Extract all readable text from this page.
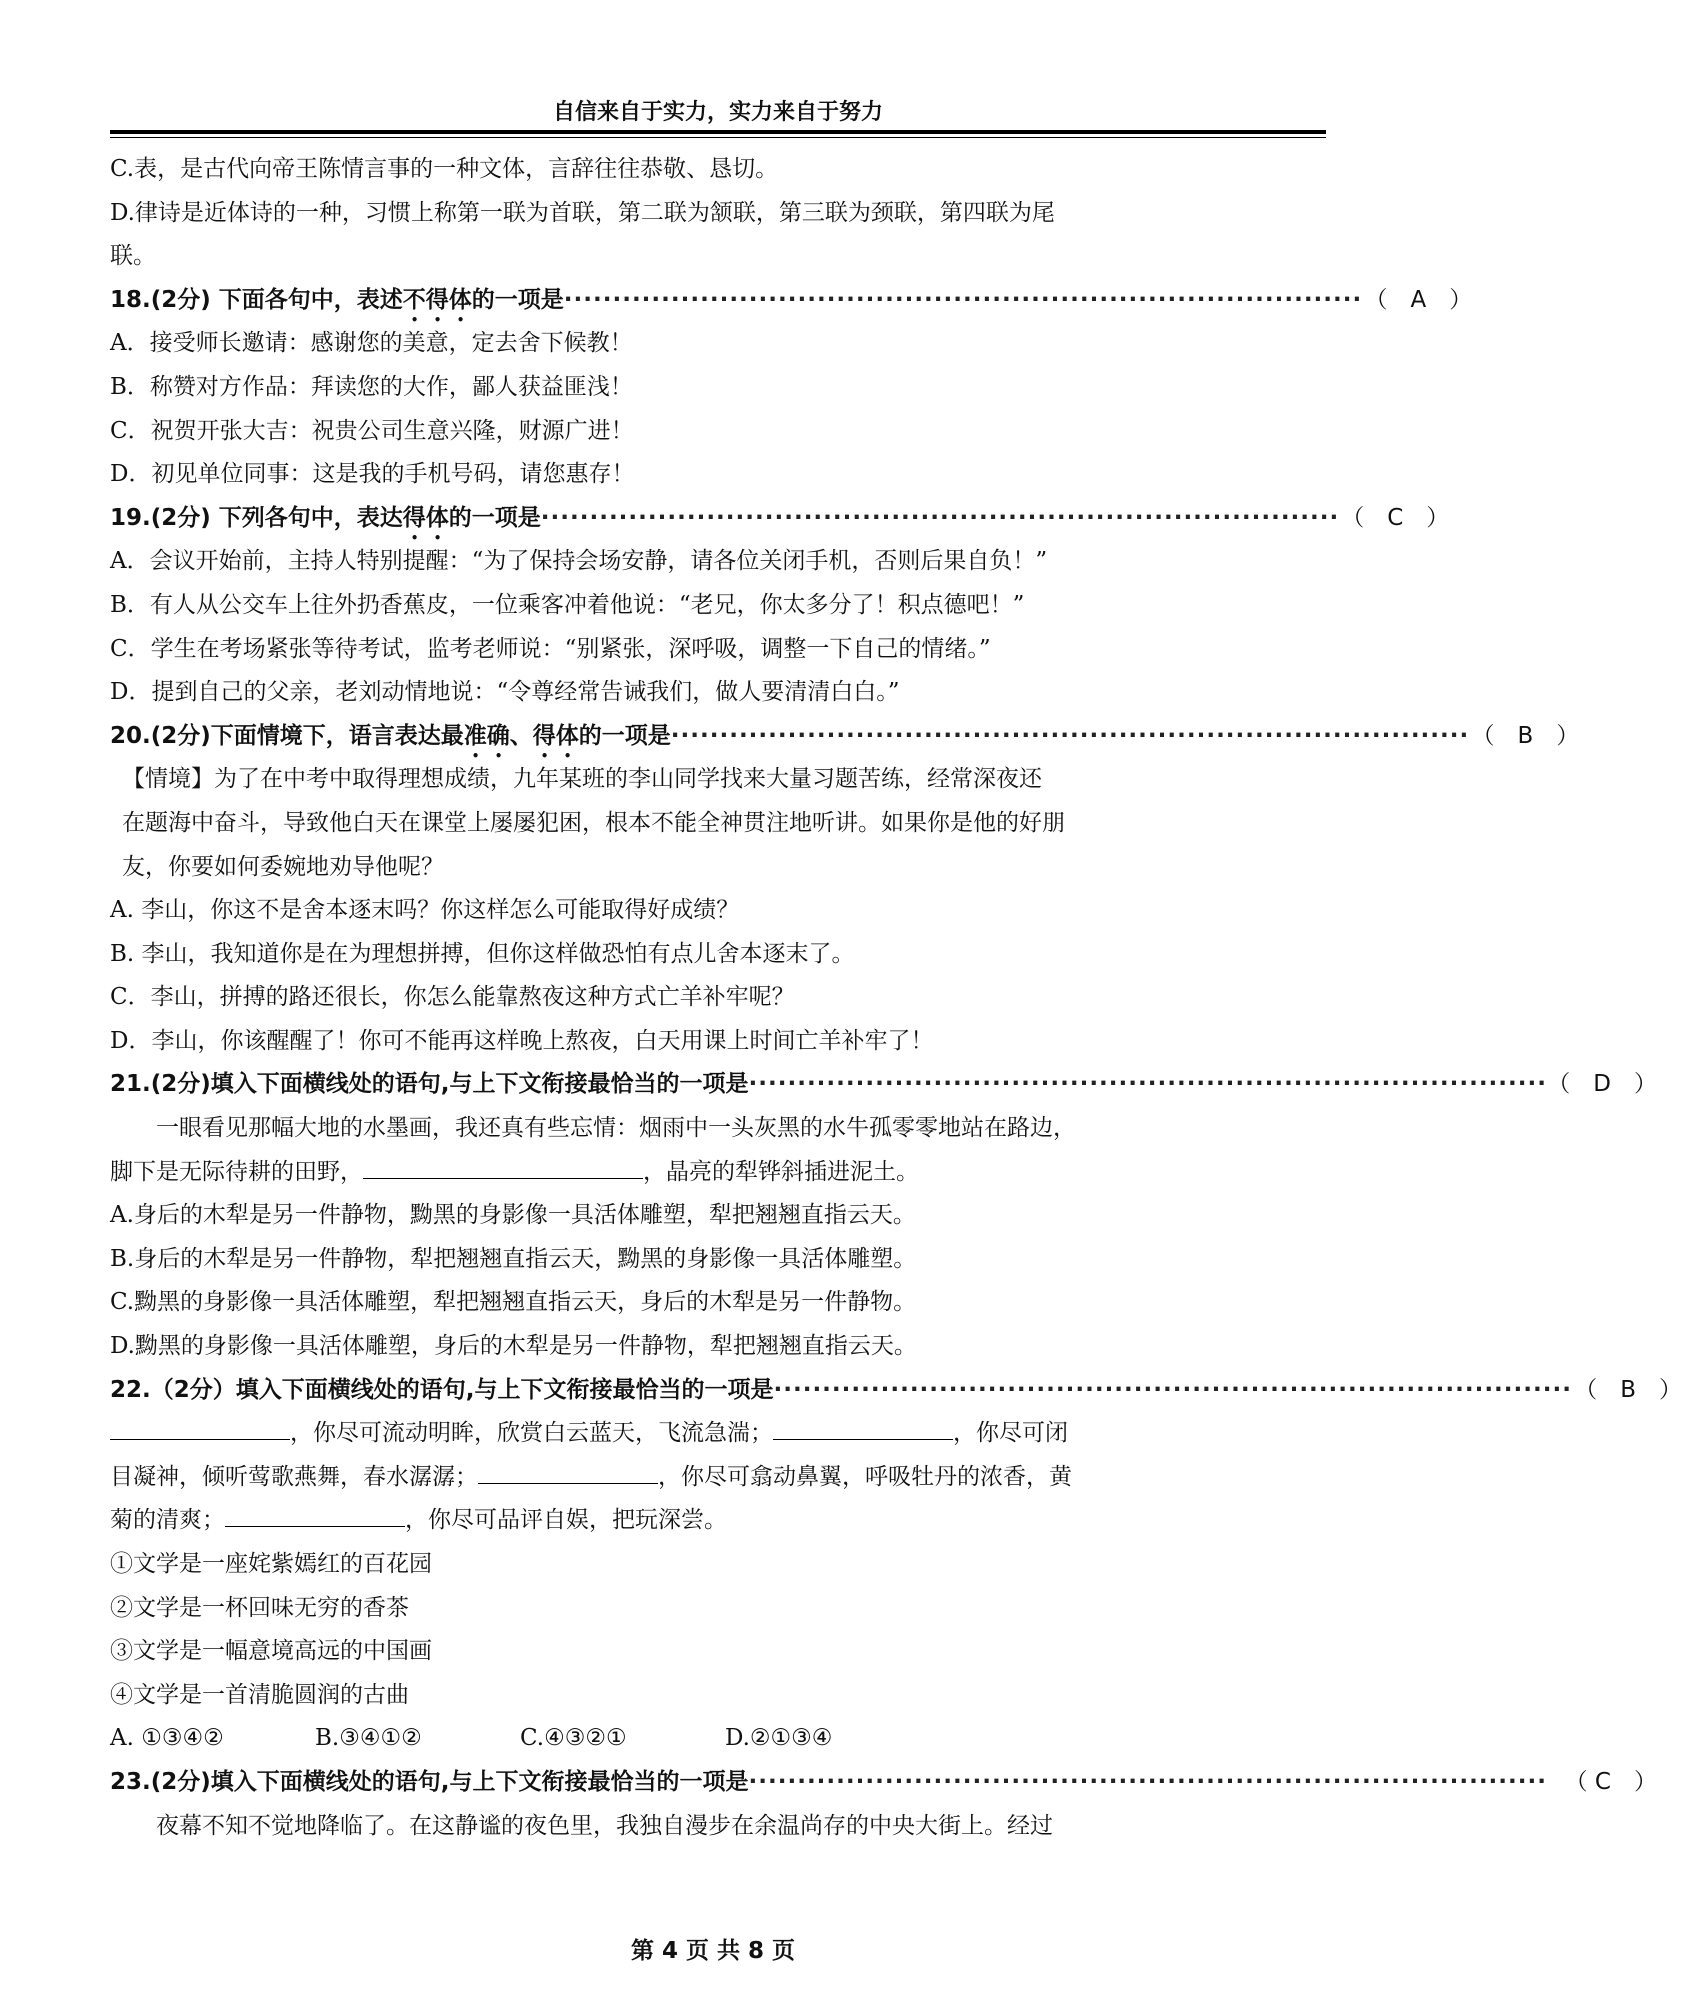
自信来自于实力，实力来自于努力
C.表，是古代向帝王陈情言事的一种文体，言辞往往恭敬、恳切。
D.律诗是近体诗的一种，习惯上称第一联为首联，第二联为颔联，第三联为颈联，第四联为尾
联。
18.(2分) 下面各句中，表述不得体的一项是 ·················································································· （　A　）
A．接受师长邀请：感谢您的美意，定去舍下候教！
B．称赞对方作品：拜读您的大作，鄙人获益匪浅！
C．祝贺开张大吉：祝贵公司生意兴隆，财源广进！
D．初见单位同事：这是我的手机号码，请您惠存！
19.(2分) 下列各句中，表达得体的一项是 ·················································································· （　C　）
A．会议开始前，主持人特别提醒：“为了保持会场安静，请各位关闭手机，否则后果自负！”
B．有人从公交车上往外扔香蕉皮，一位乘客冲着他说：“老兄，你太多分了！积点德吧！”
C．学生在考场紧张等待考试，监考老师说：“别紧张，深呼吸，调整一下自己的情绪。”
D．提到自己的父亲，老刘动情地说：“令尊经常告诫我们，做人要清清白白。”
20.(2分)下面情境下，语言表达最准确、得体的一项是 ·················································································· （　B　）
【情境】为了在中考中取得理想成绩，九年某班的李山同学找来大量习题苦练，经常深夜还
在题海中奋斗，导致他白天在课堂上屡屡犯困，根本不能全神贯注地听讲。如果你是他的好朋
友，你要如何委婉地劝导他呢？
A. 李山，你这不是舍本逐末吗？你这样怎么可能取得好成绩？
B. 李山，我知道你是在为理想拼搏，但你这样做恐怕有点儿舍本逐末了。
C．李山，拼搏的路还很长，你怎么能靠熬夜这种方式亡羊补牢呢？
D．李山，你该醒醒了！你可不能再这样晚上熬夜，白天用课上时间亡羊补牢了！
21.(2分)填入下面横线处的语句,与上下文衔接最恰当的一项是 ·················································································· （　D　）
一眼看见那幅大地的水墨画，我还真有些忘情：烟雨中一头灰黑的水牛孤零零地站在路边，
脚下是无际待耕的田野，	，晶亮的犁铧斜插进泥土。
A.身后的木犁是另一件静物，黝黑的身影像一具活体雕塑，犁把翘翘直指云天。
B.身后的木犁是另一件静物，犁把翘翘直指云天，黝黑的身影像一具活体雕塑。
C.黝黑的身影像一具活体雕塑，犁把翘翘直指云天，身后的木犁是另一件静物。
D.黝黑的身影像一具活体雕塑，身后的木犁是另一件静物，犁把翘翘直指云天。
22.（2分）填入下面横线处的语句,与上下文衔接最恰当的一项是 ·················································································· （　B　）
，你尽可流动明眸，欣赏白云蓝天，飞流急湍；	，你尽可闭
目凝神，倾听莺歌燕舞，春水潺潺；	，你尽可翕动鼻翼，呼吸牡丹的浓香，黄
菊的清爽；	，你尽可品评自娱，把玩深尝。
①文学是一座姹紫嫣红的百花园
②文学是一杯回味无穷的香茶
③文学是一幅意境高远的中国画
④文学是一首清脆圆润的古曲
A. ①③④②	B.③④①②	C.④③②①	D.②①③④
23.(2分)填入下面横线处的语句,与上下文衔接最恰当的一项是 ·················································································· （ C　）
夜幕不知不觉地降临了。在这静谧的夜色里，我独自漫步在余温尚存的中央大街上。经过
第 4 页 共 8 页
